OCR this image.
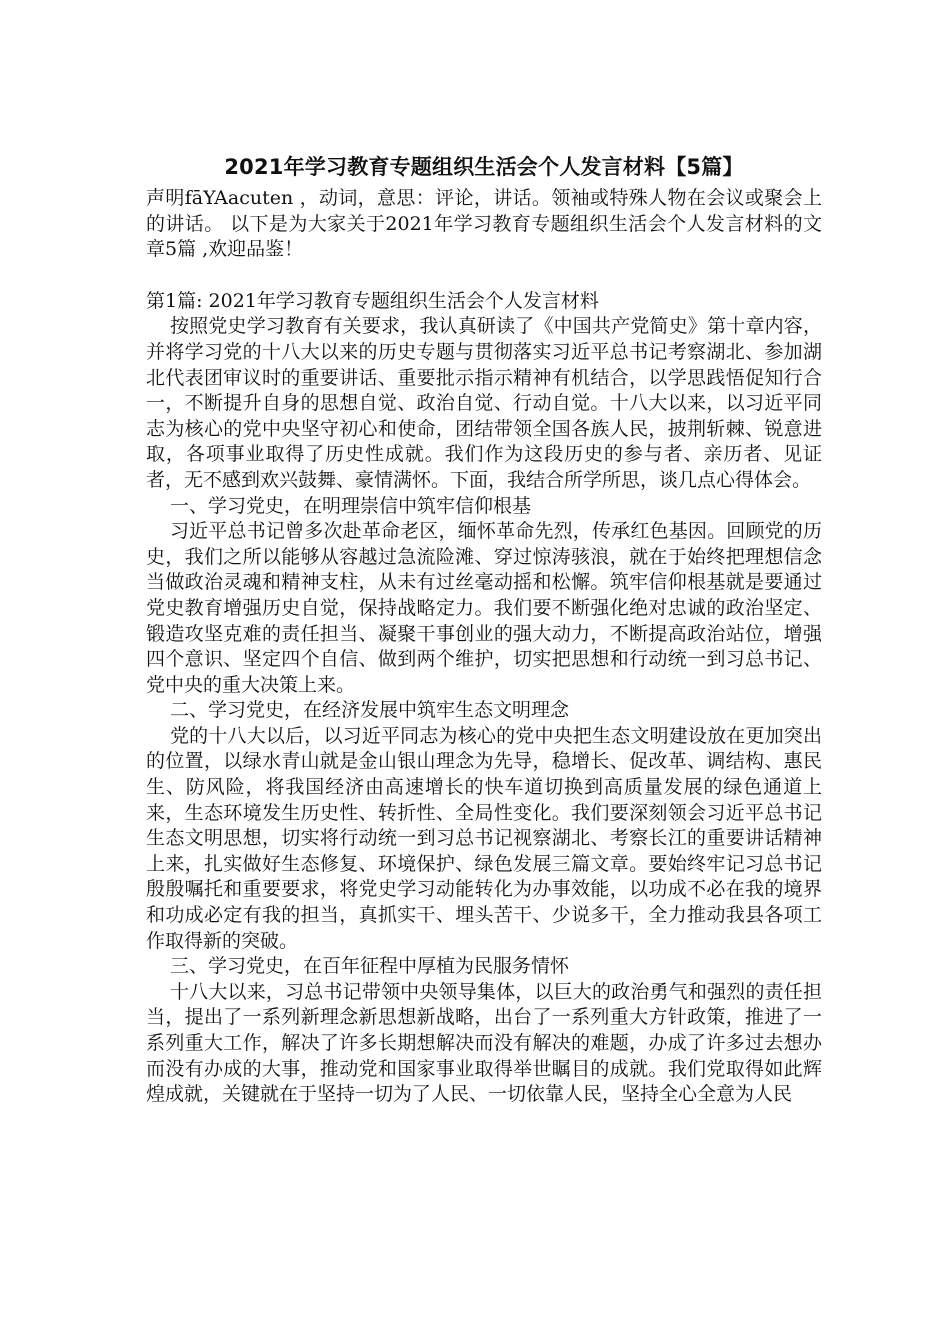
2021年学习教育专题组织生活会个人发言材料【5篇】

声明fāYAacuten ，动词，意思：评论，讲话。领袖或特殊人物在会议或聚会上的讲话。 以下是为大家关于2021年学习教育专题组织生活会个人发言材料的文章5篇 ,欢迎品鉴！

第1篇: 2021年学习教育专题组织生活会个人发言材料

按照党史学习教育有关要求，我认真研读了《中国共产党简史》第十章内容，并将学习党的十八大以来的历史专题与贯彻落实习近平总书记考察湖北、参加湖北代表团审议时的重要讲话、重要批示指示精神有机结合，以学思践悟促知行合一，不断提升自身的思想自觉、政治自觉、行动自觉。十八大以来，以习近平同志为核心的党中央坚守初心和使命，团结带领全国各族人民，披荆斩棘、锐意进取，各项事业取得了历史性成就。我们作为这段历史的参与者、亲历者、见证者，无不感到欢兴鼓舞、豪情满怀。下面，我结合所学所思，谈几点心得体会。

一、学习党史，在明理崇信中筑牢信仰根基

习近平总书记曾多次赴革命老区，缅怀革命先烈，传承红色基因。回顾党的历史，我们之所以能够从容越过急流险滩、穿过惊涛骇浪，就在于始终把理想信念当做政治灵魂和精神支柱，从未有过丝毫动摇和松懈。筑牢信仰根基就是要通过党史教育增强历史自觉，保持战略定力。我们要不断强化绝对忠诚的政治坚定、锻造攻坚克难的责任担当、凝聚干事创业的强大动力，不断提高政治站位，增强四个意识、坚定四个自信、做到两个维护，切实把思想和行动统一到习总书记、党中央的重大决策上来。

二、学习党史，在经济发展中筑牢生态文明理念

党的十八大以后，以习近平同志为核心的党中央把生态文明建设放在更加突出的位置，以绿水青山就是金山银山理念为先导，稳增长、促改革、调结构、惠民生、防风险，将我国经济由高速增长的快车道切换到高质量发展的绿色通道上来，生态环境发生历史性、转折性、全局性变化。我们要深刻领会习近平总书记生态文明思想，切实将行动统一到习总书记视察湖北、考察长江的重要讲话精神上来，扎实做好生态修复、环境保护、绿色发展三篇文章。要始终牢记习总书记殷殷嘱托和重要要求，将党史学习动能转化为办事效能，以功成不必在我的境界和功成必定有我的担当，真抓实干、埋头苦干、少说多干，全力推动我县各项工作取得新的突破。

三、学习党史，在百年征程中厚植为民服务情怀

十八大以来，习总书记带领中央领导集体，以巨大的政治勇气和强烈的责任担当，提出了一系列新理念新思想新战略，出台了一系列重大方针政策，推进了一系列重大工作，解决了许多长期想解决而没有解决的难题，办成了许多过去想办而没有办成的大事，推动党和国家事业取得举世瞩目的成就。我们党取得如此辉煌成就，关键就在于坚持一切为了人民、一切依靠人民，坚持全心全意为人民
